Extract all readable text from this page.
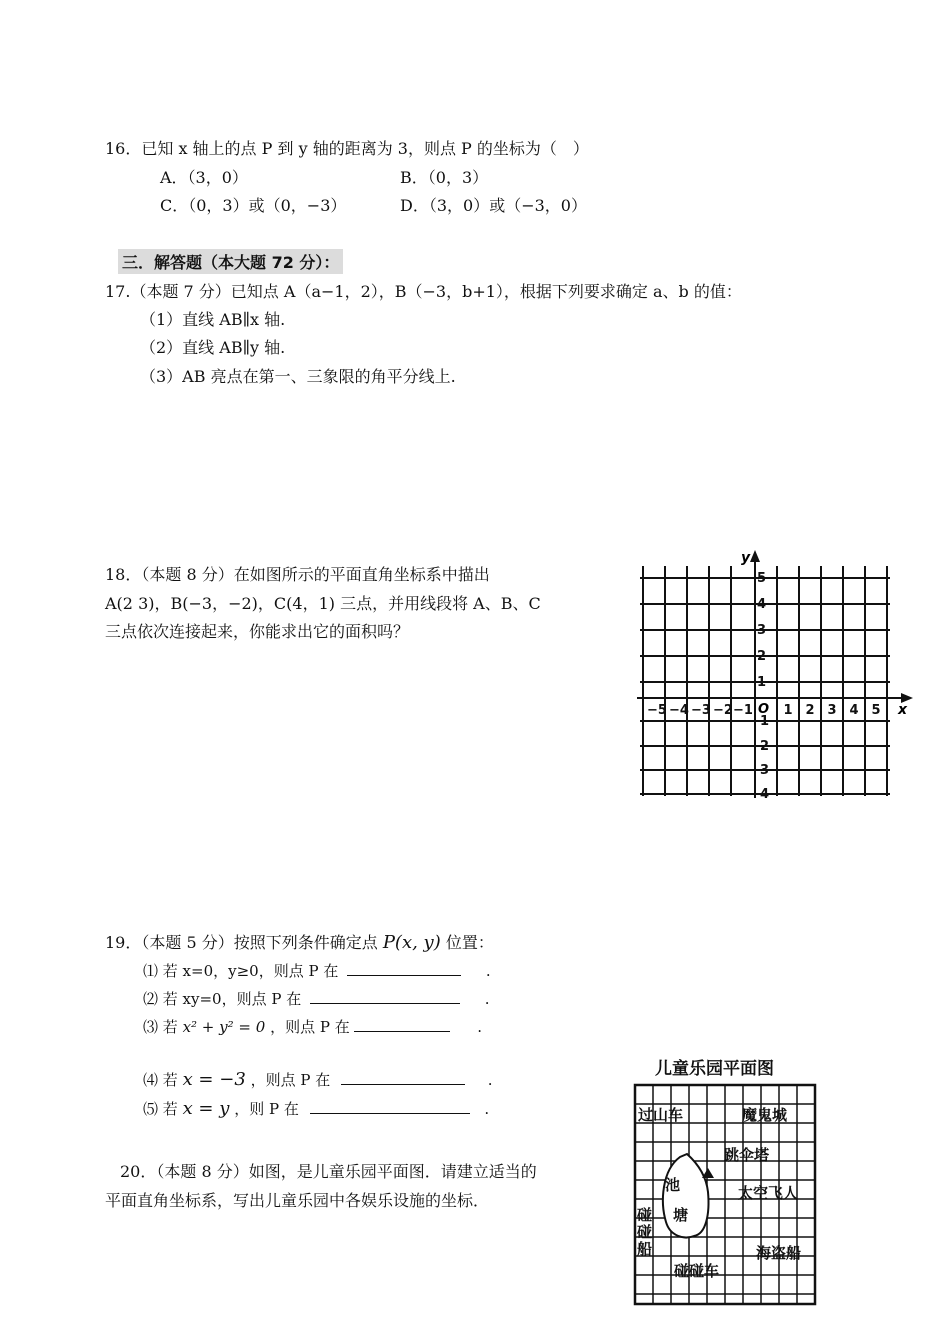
16．已知 x 轴上的点 P 到 y 轴的距离为 3，则点 P 的坐标为（　）
A．（3，0）	B．（0，3）
C．（0，3）或（0，−3）	D．（3，0）或（−3，0）
三．解答题（本大题 72 分）：
17.（本题 7 分）已知点 A（a−1，2），B（−3，b+1），根据下列要求确定 a、b 的值：
（1）直线 AB∥x 轴.
（2）直线 AB∥y 轴.
（3）AB 亮点在第一、三象限的角平分线上.
18．（本题 8 分）在如图所示的平面直角坐标系中描出
A(2 3)，B(−3，−2)，C(4，1) 三点，并用线段将 A、B、C
三点依次连接起来，你能求出它的面积吗？
x
y
O
−5 −4 −3 −2 −1 1 2 3 4 5
5
4
3
2
1
−1
−2
−3
−4
19．（本题 5 分）按照下列条件确定点 P(x, y) 位置：
⑴ 若 x=0，y≥0，则点 P 在	.
⑵ 若 xy=0，则点 P 在	.
⑶ 若 x² + y² = 0 ，则点 P 在	.
⑷ 若 x = −3 ，则点 P 在	.
⑸ 若 x = y ，则 P 在	.
20．（本题 8 分）如图，是儿童乐园平面图．请建立适当的
平面直角坐标系，写出儿童乐园中各娱乐设施的坐标．
儿童乐园平面图
过山车	魔鬼城
跳伞塔
池
塘
太空飞人
碰
碰
船	海盗船
碰碰车
